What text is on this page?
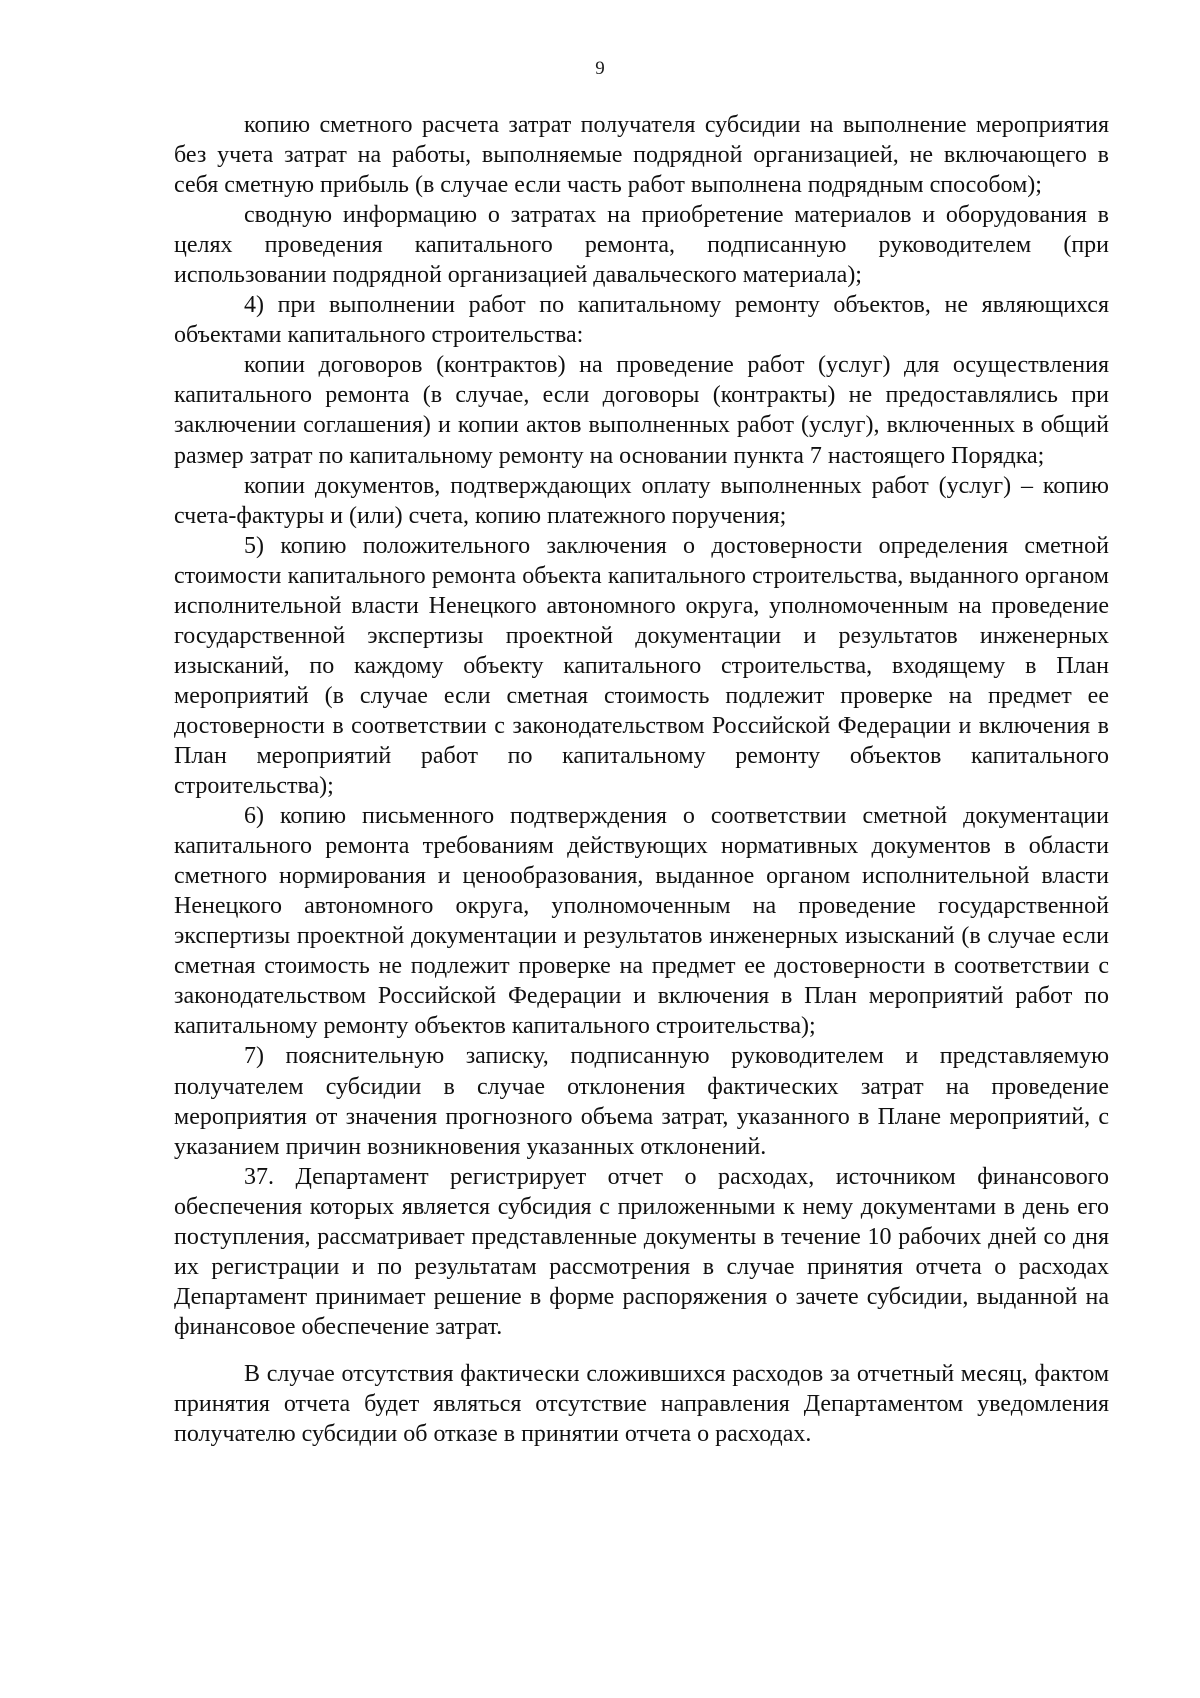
9

копию сметного расчета затрат получателя субсидии на выполнение мероприятия без учета затрат на работы, выполняемые подрядной организацией, не включающего в себя сметную прибыль (в случае если часть работ выполнена подрядным способом);

сводную информацию о затратах на приобретение материалов и оборудования в целях проведения капитального ремонта, подписанную руководителем (при использовании подрядной организацией давальческого материала);

4) при выполнении работ по капитальному ремонту объектов, не являющихся объектами капитального строительства:

копии договоров (контрактов) на проведение работ (услуг) для осуществления капитального ремонта (в случае, если договоры (контракты) не предоставлялись при заключении соглашения) и копии актов выполненных работ (услуг), включенных в общий размер затрат по капитальному ремонту на основании пункта 7 настоящего Порядка;

копии документов, подтверждающих оплату выполненных работ (услуг) – копию счета-фактуры и (или) счета, копию платежного поручения;

5) копию положительного заключения о достоверности определения сметной стоимости капитального ремонта объекта капитального строительства, выданного органом исполнительной власти Ненецкого автономного округа, уполномоченным на проведение государственной экспертизы проектной документации и результатов инженерных изысканий, по каждому объекту капитального строительства, входящему в План мероприятий (в случае если сметная стоимость подлежит проверке на предмет ее достоверности в соответствии с законодательством Российской Федерации и включения в План мероприятий работ по капитальному ремонту объектов капитального строительства);

6) копию письменного подтверждения о соответствии сметной документации капитального ремонта требованиям действующих нормативных документов в области сметного нормирования и ценообразования, выданное органом исполнительной власти Ненецкого автономного округа, уполномоченным на проведение государственной экспертизы проектной документации и результатов инженерных изысканий (в случае если сметная стоимость не подлежит проверке на предмет ее достоверности в соответствии с законодательством Российской Федерации и включения в План мероприятий работ по капитальному ремонту объектов капитального строительства);

7) пояснительную записку, подписанную руководителем и представляемую получателем субсидии в случае отклонения фактических затрат на проведение мероприятия от значения прогнозного объема затрат, указанного в Плане мероприятий, с указанием причин возникновения указанных отклонений.

37. Департамент регистрирует отчет о расходах, источником финансового обеспечения которых является субсидия с приложенными к нему документами в день его поступления, рассматривает представленные документы в течение 10 рабочих дней со дня их регистрации и по результатам рассмотрения в случае принятия отчета о расходах Департамент принимает решение в форме распоряжения о зачете субсидии, выданной на финансовое обеспечение затрат.

В случае отсутствия фактически сложившихся расходов за отчетный месяц, фактом принятия отчета будет являться отсутствие направления Департаментом уведомления получателю субсидии об отказе в принятии отчета о расходах.
